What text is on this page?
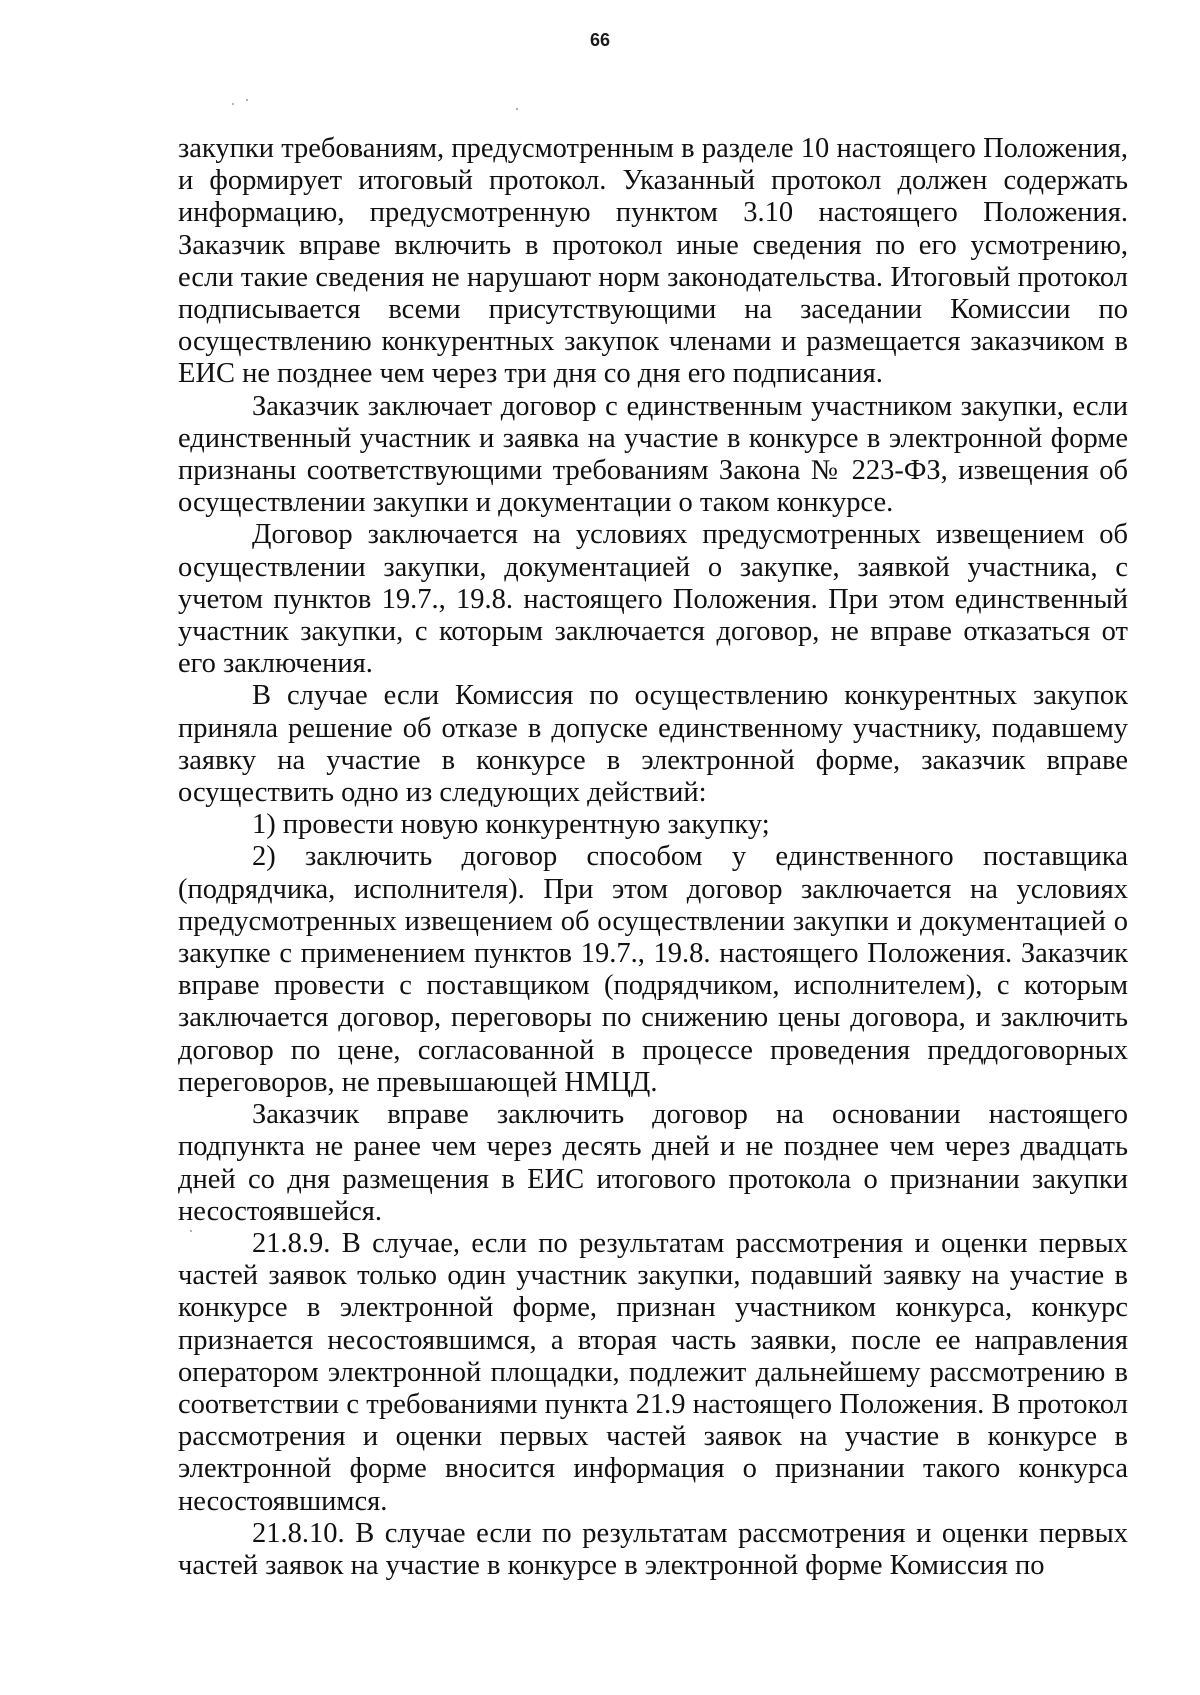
66

закупки требованиям, предусмотренным в разделе 10 настоящего Положения, и формирует итоговый протокол. Указанный протокол должен содержать информацию, предусмотренную пунктом 3.10 настоящего Положения. Заказчик вправе включить в протокол иные сведения по его усмотрению, если такие сведения не нарушают норм законодательства. Итоговый протокол подписывается всеми присутствующими на заседании Комиссии по осуществлению конкурентных закупок членами и размещается заказчиком в ЕИС не позднее чем через три дня со дня его подписания.

Заказчик заключает договор с единственным участником закупки, если единственный участник и заявка на участие в конкурсе в электронной форме признаны соответствующими требованиям Закона № 223-ФЗ, извещения об осуществлении закупки и документации о таком конкурсе.

Договор заключается на условиях предусмотренных извещением об осуществлении закупки, документацией о закупке, заявкой участника, с учетом пунктов 19.7., 19.8. настоящего Положения. При этом единственный участник закупки, с которым заключается договор, не вправе отказаться от его заключения.

В случае если Комиссия по осуществлению конкурентных закупок приняла решение об отказе в допуске единственному участнику, подавшему заявку на участие в конкурсе в электронной форме, заказчик вправе осуществить одно из следующих действий:

1) провести новую конкурентную закупку;

2) заключить договор способом у единственного поставщика (подрядчика, исполнителя). При этом договор заключается на условиях предусмотренных извещением об осуществлении закупки и документацией о закупке с применением пунктов 19.7., 19.8. настоящего Положения. Заказчик вправе провести с поставщиком (подрядчиком, исполнителем), с которым заключается договор, переговоры по снижению цены договора, и заключить договор по цене, согласованной в процессе проведения преддоговорных переговоров, не превышающей НМЦД.

Заказчик вправе заключить договор на основании настоящего подпункта не ранее чем через десять дней и не позднее чем через двадцать дней со дня размещения в ЕИС итогового протокола о признании закупки несостоявшейся.

21.8.9. В случае, если по результатам рассмотрения и оценки первых частей заявок только один участник закупки, подавший заявку на участие в конкурсе в электронной форме, признан участником конкурса, конкурс признается несостоявшимся, а вторая часть заявки, после ее направления оператором электронной площадки, подлежит дальнейшему рассмотрению в соответствии с требованиями пункта 21.9 настоящего Положения. В протокол рассмотрения и оценки первых частей заявок на участие в конкурсе в электронной форме вносится информация о признании такого конкурса несостоявшимся.

21.8.10. В случае если по результатам рассмотрения и оценки первых частей заявок на участие в конкурсе в электронной форме Комиссия по
